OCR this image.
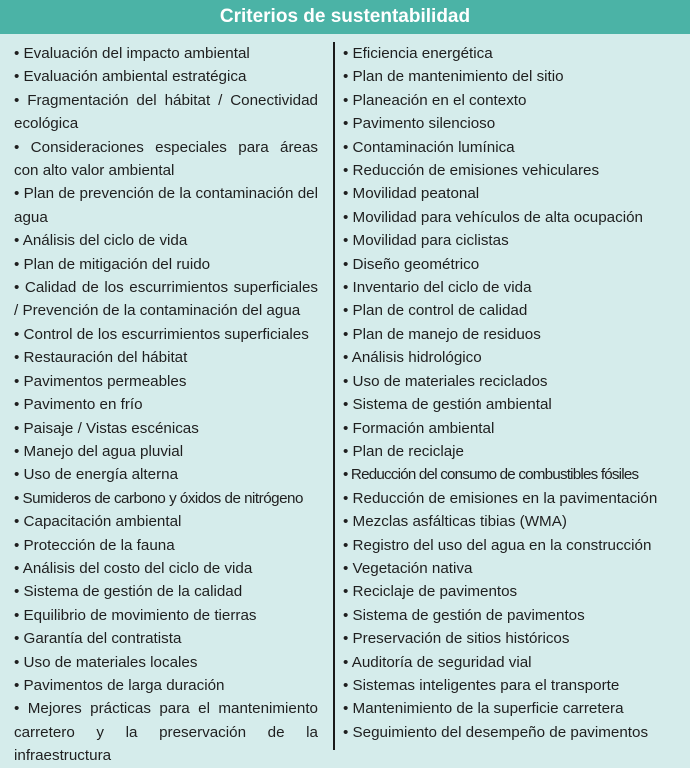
Criterios de sustentabilidad
• Evaluación del impacto ambiental
• Evaluación ambiental estratégica
• Fragmentación del hábitat / Conectividad ecológica
• Consideraciones especiales para áreas con alto valor ambiental
• Plan de prevención de la contaminación del agua
• Análisis del ciclo de vida
• Plan de mitigación del ruido
• Calidad de los escurrimientos superficiales / Prevención de la contaminación del agua
• Control de los escurrimientos superficiales
• Restauración del hábitat
• Pavimentos permeables
• Pavimento en frío
• Paisaje / Vistas escénicas
• Manejo del agua pluvial
• Uso de energía alterna
• Sumideros de carbono y óxidos de nitrógeno
• Capacitación ambiental
• Protección de la fauna
• Análisis del costo del ciclo de vida
• Sistema de gestión de la calidad
• Equilibrio de movimiento de tierras
• Garantía del contratista
• Uso de materiales locales
• Pavimentos de larga duración
• Mejores prácticas para el mantenimiento carretero y la preservación de la infraestructura
• Eficiencia energética
• Plan de mantenimiento del sitio
• Planeación en el contexto
• Pavimento silencioso
• Contaminación lumínica
• Reducción de emisiones vehiculares
• Movilidad peatonal
• Movilidad para vehículos de alta ocupación
• Movilidad para ciclistas
• Diseño geométrico
• Inventario del ciclo de vida
• Plan de control de calidad
• Plan de manejo de residuos
• Análisis hidrológico
• Uso de materiales reciclados
• Sistema de gestión ambiental
• Formación ambiental
• Plan de reciclaje
• Reducción del consumo de combustibles fósiles
• Reducción de emisiones en la pavimentación
• Mezclas asfálticas tibias (WMA)
• Registro del uso del agua en la construcción
• Vegetación nativa
• Reciclaje de pavimentos
• Sistema de gestión de pavimentos
• Preservación de sitios históricos
• Auditoría de seguridad vial
• Sistemas inteligentes para el transporte
• Mantenimiento de la superficie carretera
• Seguimiento del desempeño de pavimentos
